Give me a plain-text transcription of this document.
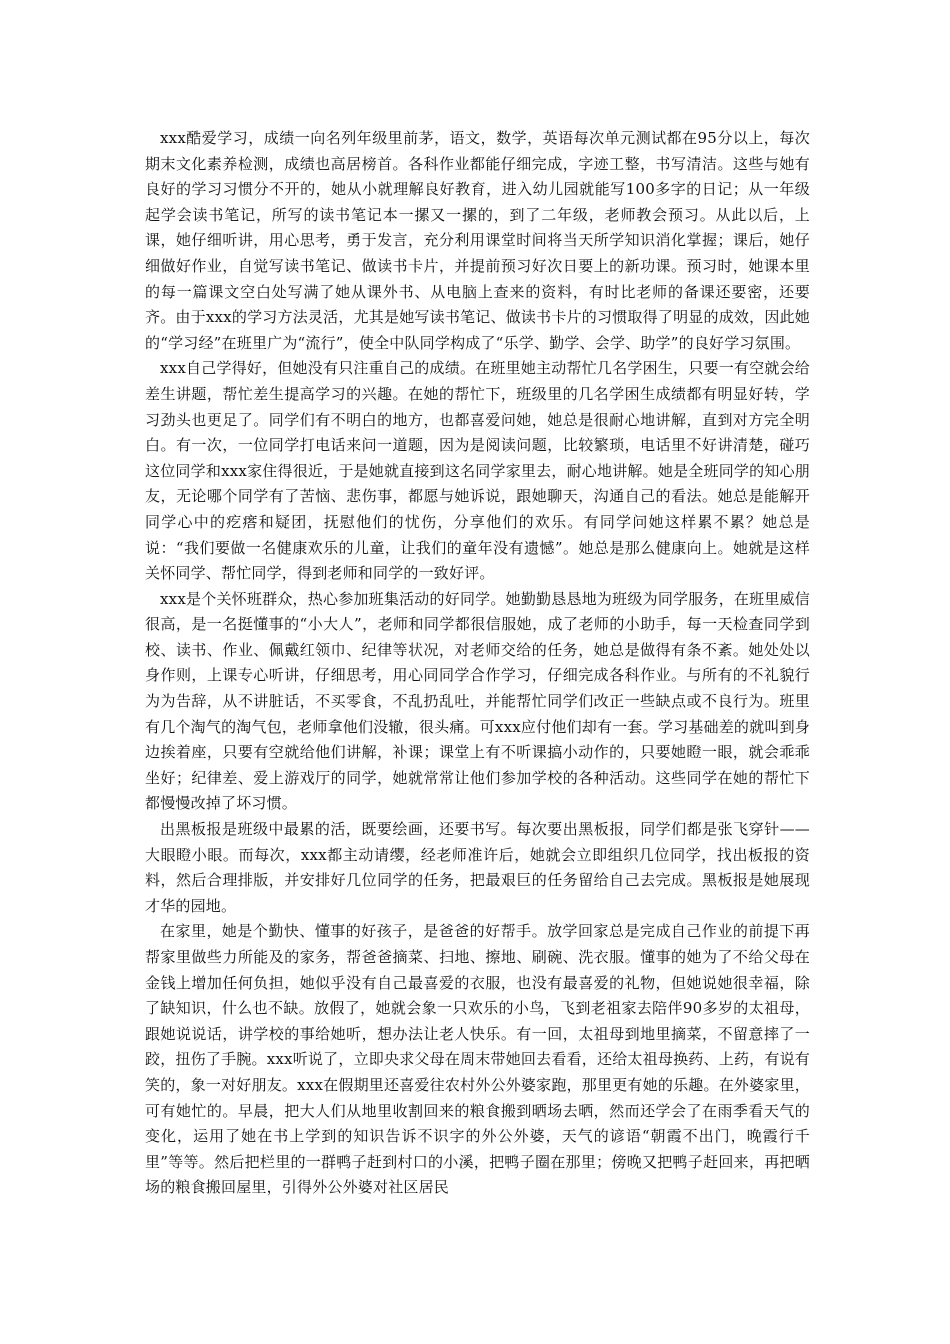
xxx酷爱学习，成绩一向名列年级里前茅，语文，数学，英语每次单元测试都在95分以上，每次期末文化素养检测，成绩也高居榜首。各科作业都能仔细完成，字迹工整，书写清洁。这些与她有良好的学习习惯分不开的，她从小就理解良好教育，进入幼儿园就能写100多字的日记；从一年级起学会读书笔记，所写的读书笔记本一摞又一摞的，到了二年级，老师教会预习。从此以后，上课，她仔细听讲，用心思考，勇于发言，充分利用课堂时间将当天所学知识消化掌握；课后，她仔细做好作业，自觉写读书笔记、做读书卡片，并提前预习好次日要上的新功课。预习时，她课本里的每一篇课文空白处写满了她从课外书、从电脑上查来的资料，有时比老师的备课还要密，还要齐。由于xxx的学习方法灵活，尤其是她写读书笔记、做读书卡片的习惯取得了明显的成效，因此她的“学习经”在班里广为“流行”，使全中队同学构成了“乐学、勤学、会学、助学”的良好学习氛围。

xxx自己学得好，但她没有只注重自己的成绩。在班里她主动帮忙几名学困生，只要一有空就会给差生讲题，帮忙差生提高学习的兴趣。在她的帮忙下，班级里的几名学困生成绩都有明显好转，学习劲头也更足了。同学们有不明白的地方，也都喜爱问她，她总是很耐心地讲解，直到对方完全明白。有一次，一位同学打电话来问一道题，因为是阅读问题，比较繁琐，电话里不好讲清楚，碰巧这位同学和xxx家住得很近，于是她就直接到这名同学家里去，耐心地讲解。她是全班同学的知心朋友，无论哪个同学有了苦恼、悲伤事，都愿与她诉说，跟她聊天，沟通自己的看法。她总是能解开同学心中的疙瘩和疑团，抚慰他们的忧伤，分享他们的欢乐。有同学问她这样累不累？她总是说：“我们要做一名健康欢乐的儿童，让我们的童年没有遗憾”。她总是那么健康向上。她就是这样关怀同学、帮忙同学，得到老师和同学的一致好评。

xxx是个关怀班群众，热心参加班集活动的好同学。她勤勤恳恳地为班级为同学服务，在班里威信很高，是一名挺懂事的“小大人”，老师和同学都很信服她，成了老师的小助手，每一天检查同学到校、读书、作业、佩戴红领巾、纪律等状况，对老师交给的任务，她总是做得有条不紊。她处处以身作则，上课专心听讲，仔细思考，用心同同学合作学习，仔细完成各科作业。与所有的不礼貌行为为告辞，从不讲脏话，不买零食，不乱扔乱吐，并能帮忙同学们改正一些缺点或不良行为。班里有几个淘气的淘气包，老师拿他们没辙，很头痛。可xxx应付他们却有一套。学习基础差的就叫到身边挨着座，只要有空就给他们讲解，补课；课堂上有不听课搞小动作的，只要她瞪一眼，就会乖乖坐好；纪律差、爱上游戏厅的同学，她就常常让他们参加学校的各种活动。这些同学在她的帮忙下都慢慢改掉了坏习惯。

出黑板报是班级中最累的活，既要绘画，还要书写。每次要出黑板报，同学们都是张飞穿针——大眼瞪小眼。而每次，xxx都主动请缨，经老师准许后，她就会立即组织几位同学，找出板报的资料，然后合理排版，并安排好几位同学的任务，把最艰巨的任务留给自己去完成。黑板报是她展现才华的园地。

在家里，她是个勤快、懂事的好孩子，是爸爸的好帮手。放学回家总是完成自己作业的前提下再帮家里做些力所能及的家务，帮爸爸摘菜、扫地、擦地、刷碗、洗衣服。懂事的她为了不给父母在金钱上增加任何负担，她似乎没有自己最喜爱的衣服，也没有最喜爱的礼物，但她说她很幸福，除了缺知识，什么也不缺。放假了，她就会象一只欢乐的小鸟，飞到老祖家去陪伴90多岁的太祖母，跟她说说话，讲学校的事给她听，想办法让老人快乐。有一回，太祖母到地里摘菜，不留意摔了一跤，扭伤了手腕。xxx听说了，立即央求父母在周末带她回去看看，还给太祖母换药、上药，有说有笑的，象一对好朋友。xxx在假期里还喜爱往农村外公外婆家跑，那里更有她的乐趣。在外婆家里，可有她忙的。早晨，把大人们从地里收割回来的粮食搬到晒场去晒，然而还学会了在雨季看天气的变化，运用了她在书上学到的知识告诉不识字的外公外婆，天气的谚语“朝霞不出门，晚霞行千里”等等。然后把栏里的一群鸭子赶到村口的小溪，把鸭子圈在那里；傍晚又把鸭子赶回来，再把晒场的粮食搬回屋里，引得外公外婆对社区居民
